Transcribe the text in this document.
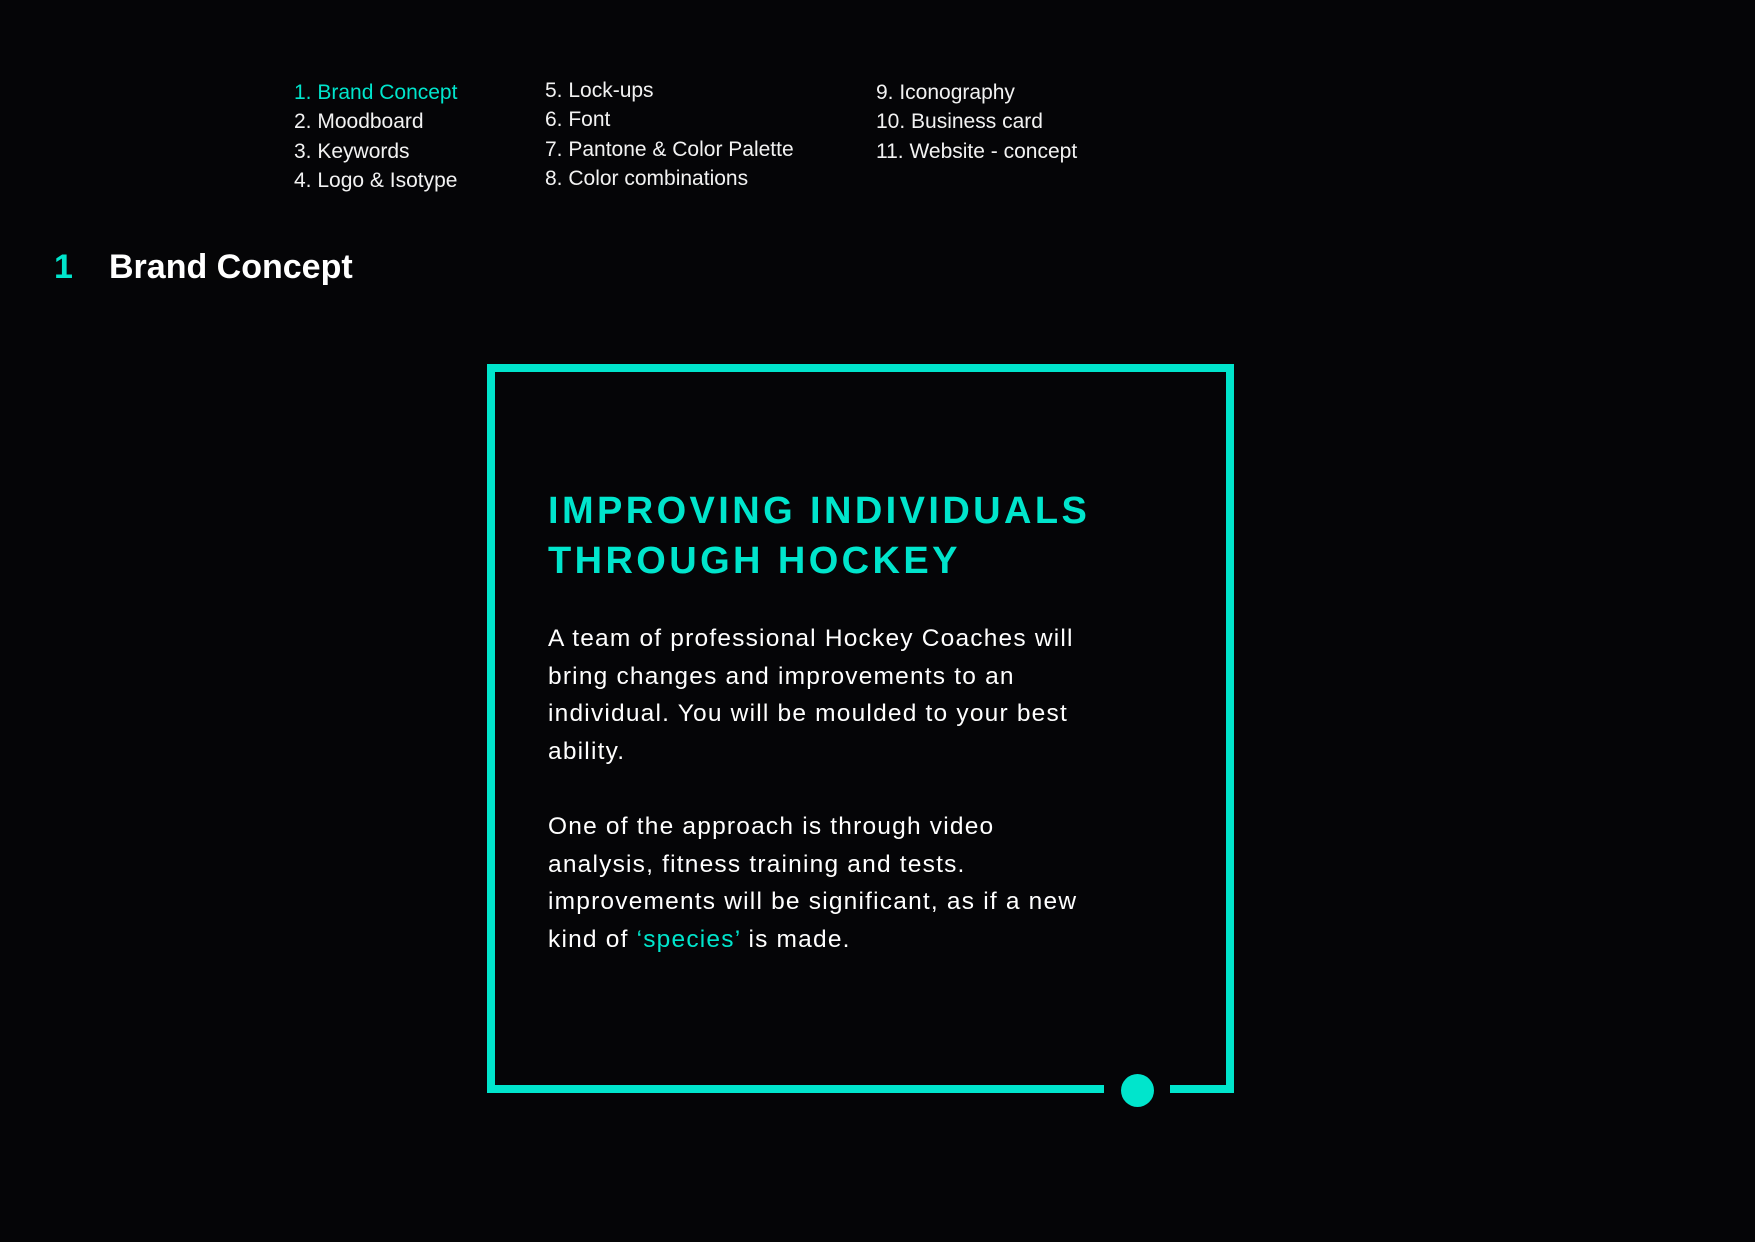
1. Brand Concept
2. Moodboard
3. Keywords
4. Logo & Isotype
5. Lock-ups
6. Font
7. Pantone & Color Palette
8. Color combinations
9. Iconography
10. Business card
11. Website - concept
1 Brand Concept
IMPROVING INDIVIDUALS
THROUGH HOCKEY

A team of professional Hockey Coaches will
bring changes and improvements to an
individual. You will be moulded to your best
ability.

One of the approach is through video
analysis, fitness training and tests.
improvements will be significant, as if a new
kind of ‘species’ is made.
